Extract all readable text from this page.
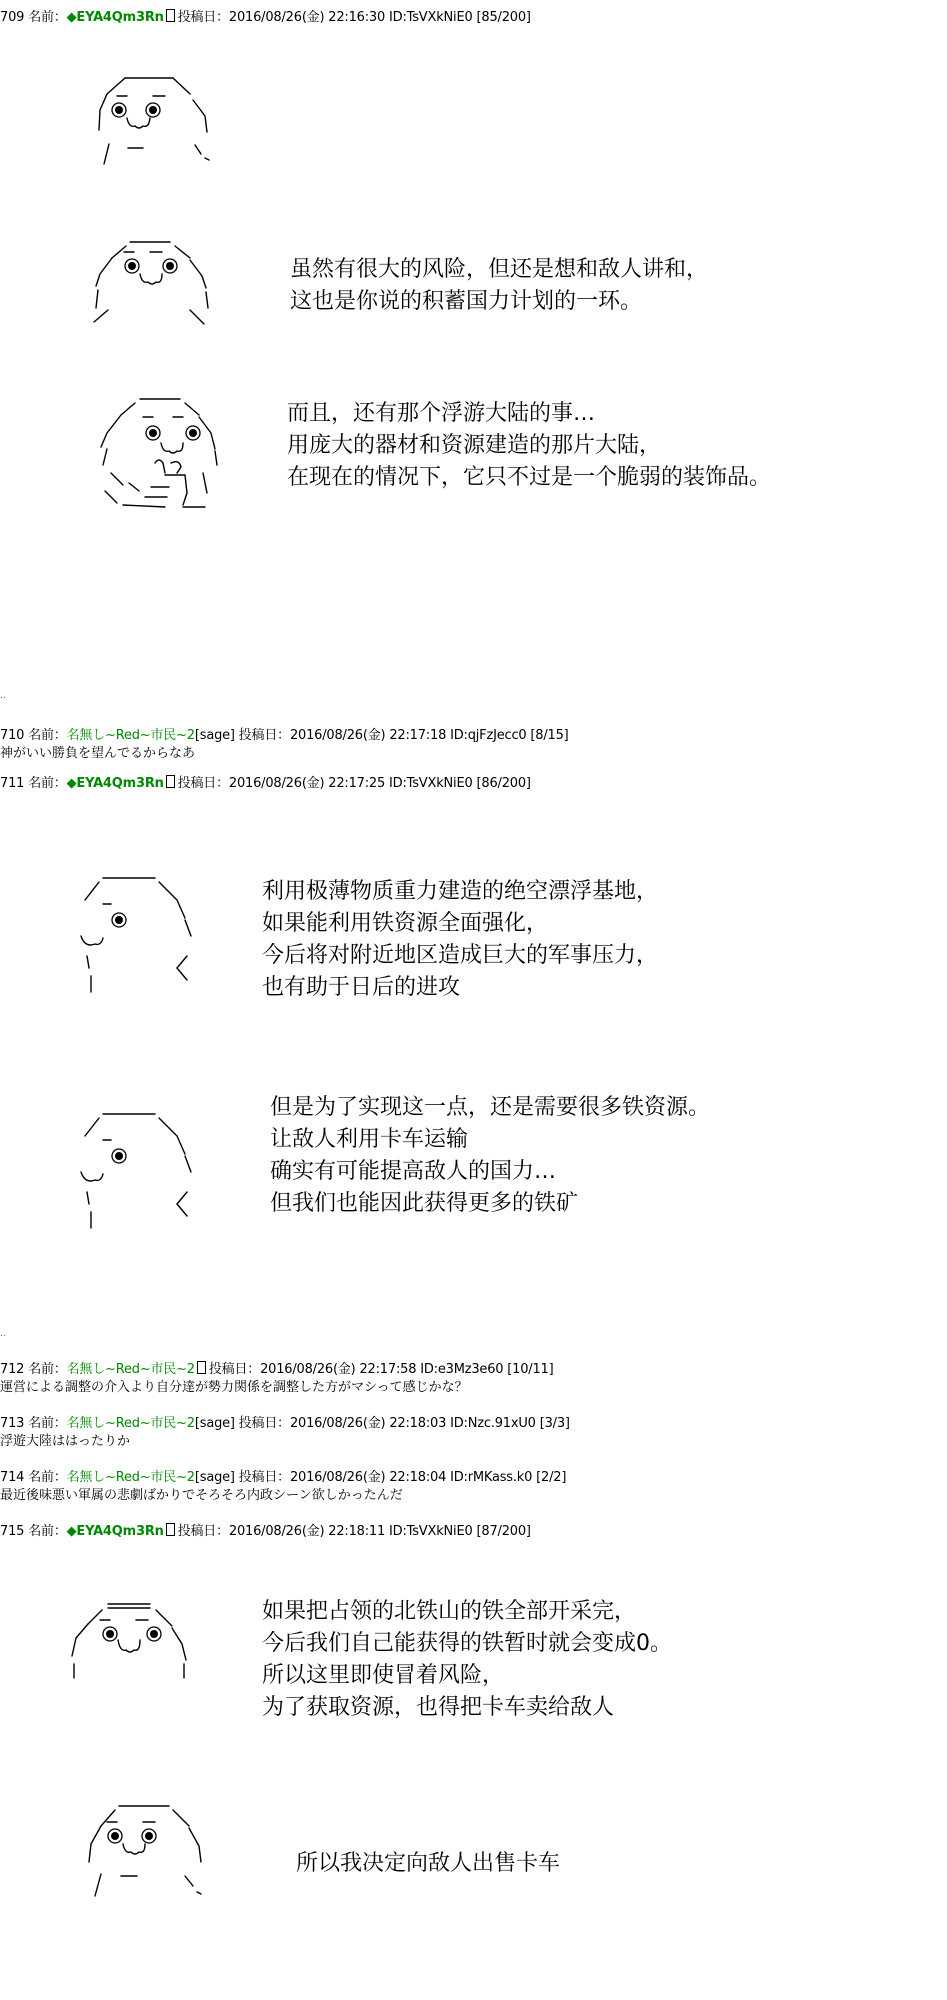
709 名前：◆EYA4Qm3Rn 投稿日：2016/08/26(金) 22:16:30 ID:TsVXkNiE0 [85/200]
虽然有很大的风险，但还是想和敌人讲和，
这也是你说的积蓄国力计划的一环。
而且，还有那个浮游大陆的事…
用庞大的器材和资源建造的那片大陆，
在现在的情况下，它只不过是一个脆弱的装饰品。
..
710 名前：名無し~Red~市民~2[sage] 投稿日：2016/08/26(金) 22:17:18 ID:qjFzJecc0 [8/15]
神がいい勝負を望んでるからなあ
711 名前：◆EYA4Qm3Rn 投稿日：2016/08/26(金) 22:17:25 ID:TsVXkNiE0 [86/200]
利用极薄物质重力建造的绝空漂浮基地，
如果能利用铁资源全面强化，
今后将对附近地区造成巨大的军事压力，
也有助于日后的进攻
但是为了实现这一点，还是需要很多铁资源。
让敌人利用卡车运输
确实有可能提高敌人的国力…
但我们也能因此获得更多的铁矿
..
712 名前：名無し~Red~市民~2 投稿日：2016/08/26(金) 22:17:58 ID:e3Mz3e60 [10/11]
運営による調整の介入より自分達が勢力関係を調整した方がマシって感じかな？
713 名前：名無し~Red~市民~2[sage] 投稿日：2016/08/26(金) 22:18:03 ID:Nzc.91xU0 [3/3]
浮遊大陸ははったりか
714 名前：名無し~Red~市民~2[sage] 投稿日：2016/08/26(金) 22:18:04 ID:rMKass.k0 [2/2]
最近後味悪い軍属の悲劇ばかりでそろそろ内政シーン欲しかったんだ
715 名前：◆EYA4Qm3Rn 投稿日：2016/08/26(金) 22:18:11 ID:TsVXkNiE0 [87/200]
如果把占领的北铁山的铁全部开采完，
今后我们自己能获得的铁暂时就会变成0。
所以这里即使冒着风险，
为了获取资源，也得把卡车卖给敌人
所以我决定向敌人出售卡车
